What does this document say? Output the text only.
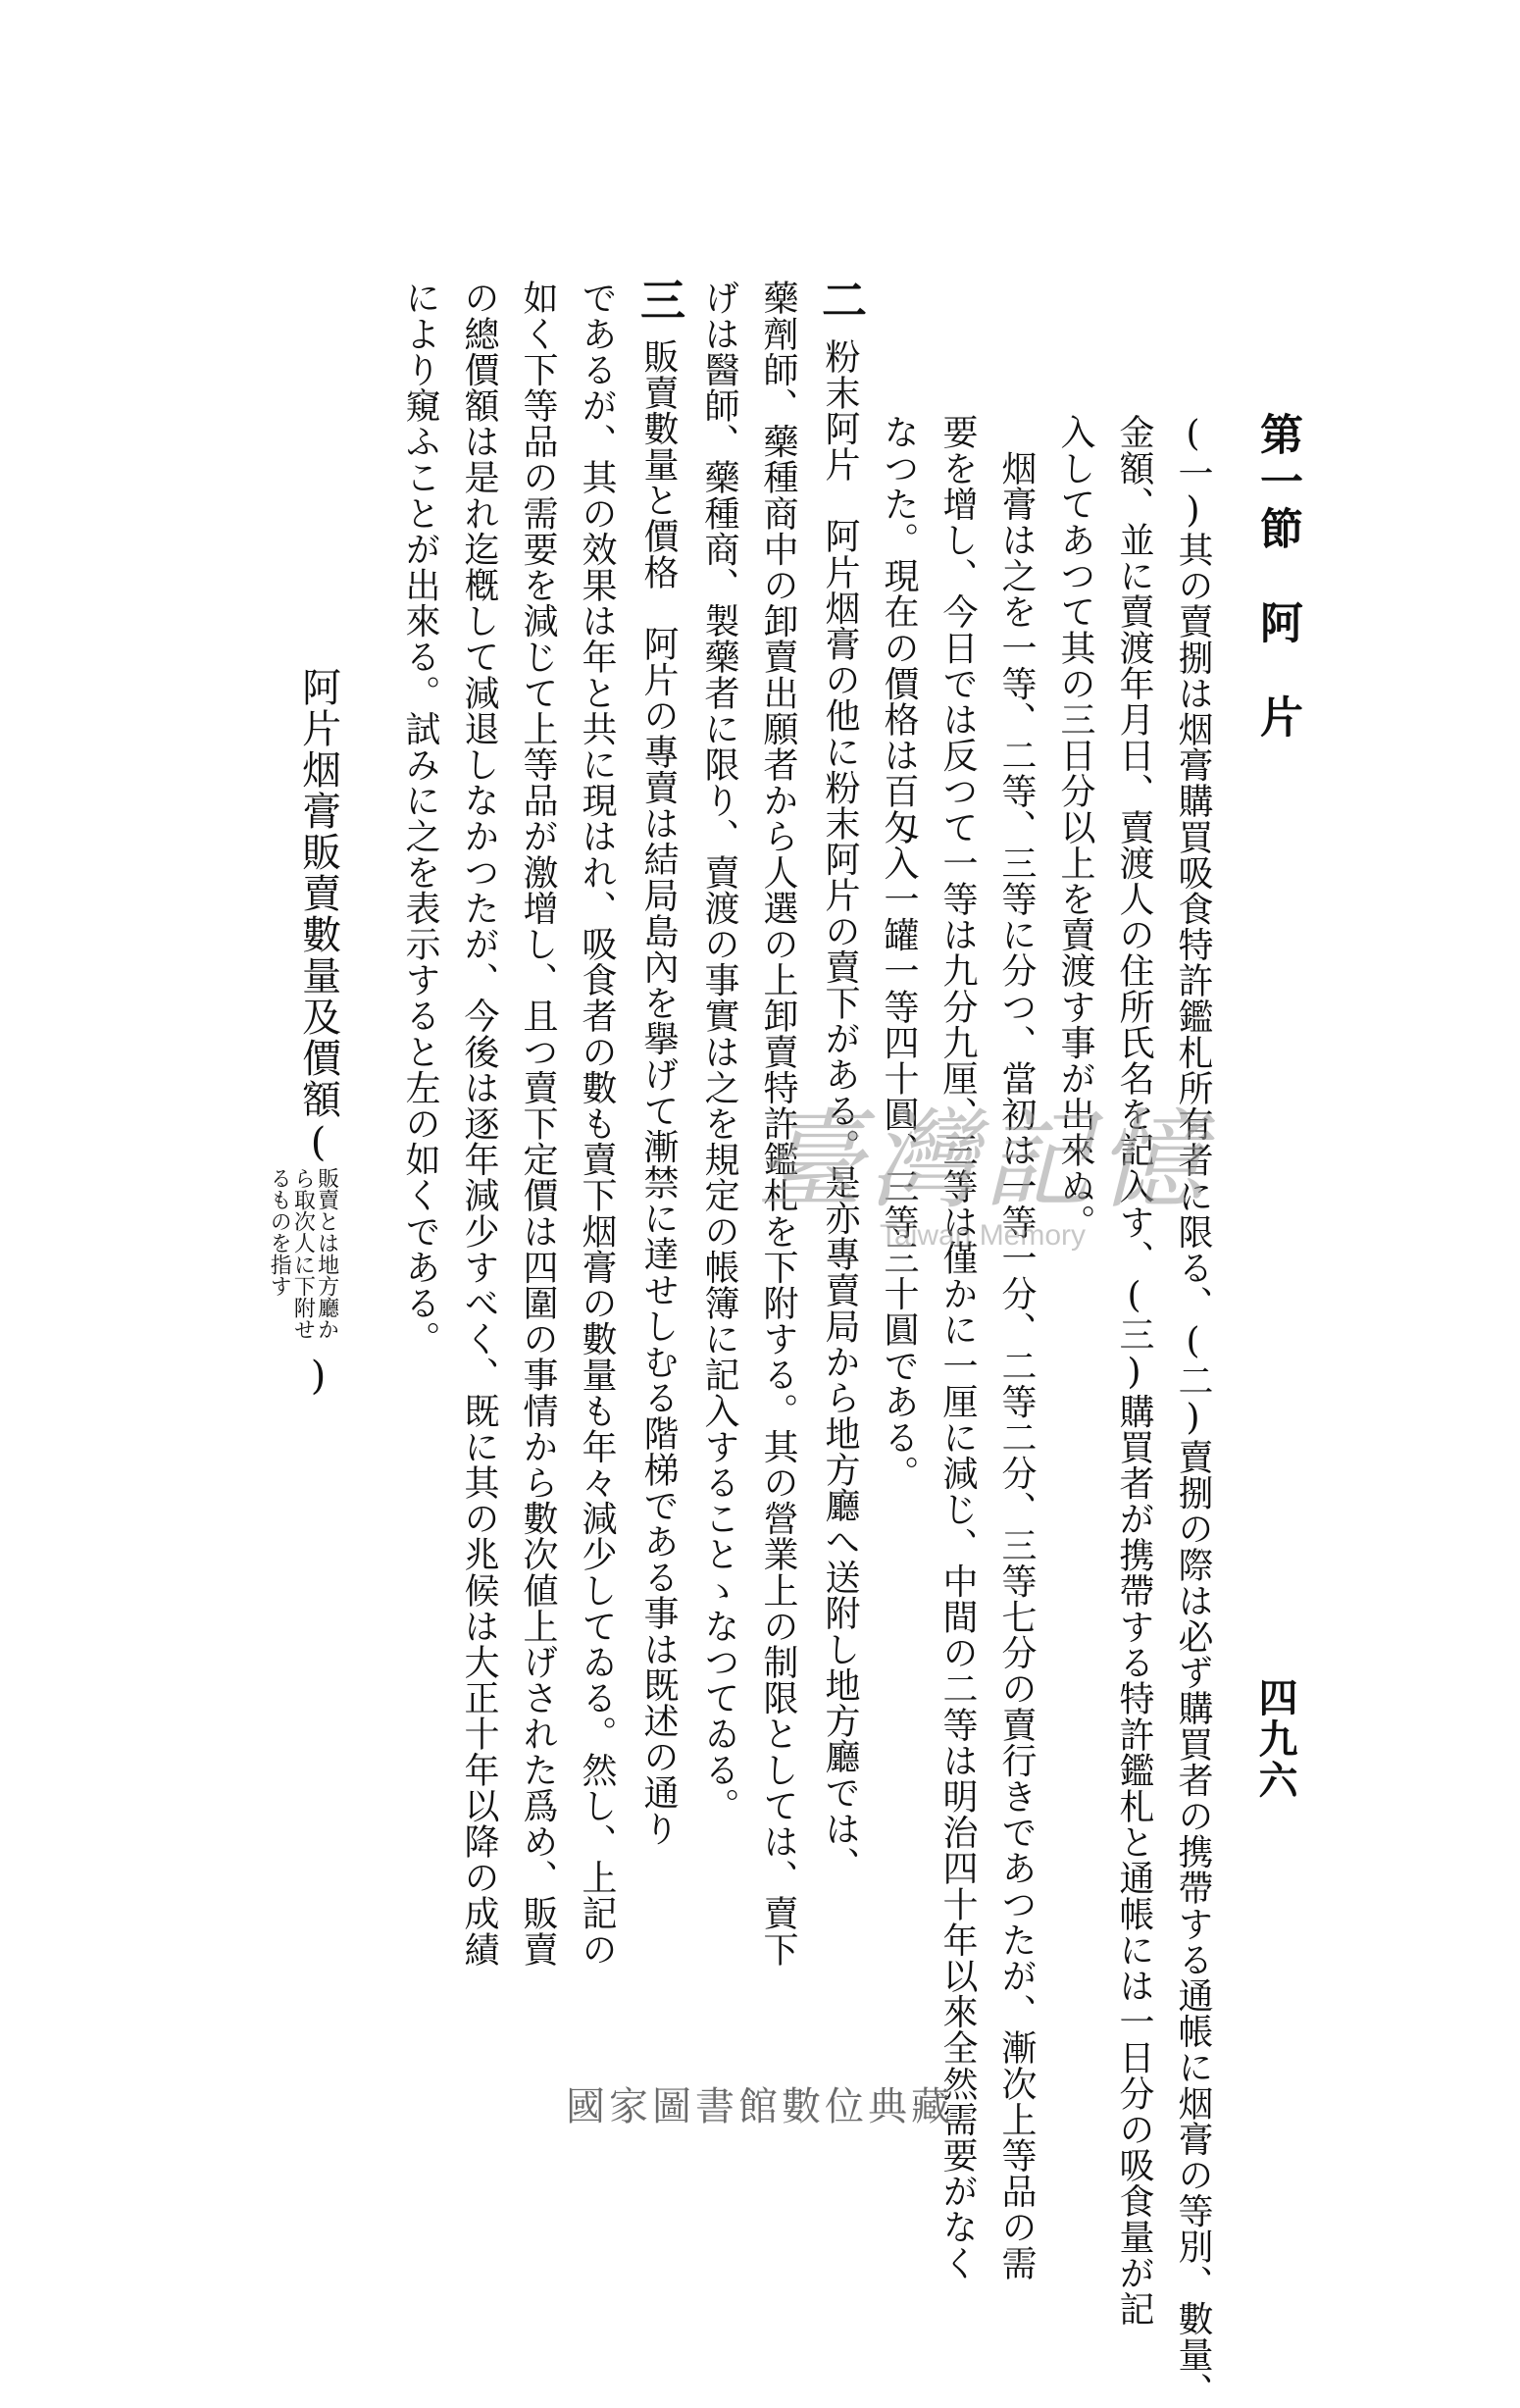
第一節　阿　片
四九六
(一)其の賣捌は烟膏購買吸食特許鑑札所有者に限る、(二)賣捌の際は必ず購買者の携帶する通帳に烟膏の等別、數量、
金額、並に賣渡年月日、賣渡人の住所氏名を記入す、(三)購買者が携帶する特許鑑札と通帳には一日分の吸食量が記
入してあつて其の三日分以上を賣渡す事が出來ぬ。
　烟膏は之を一等、二等、三等に分つ、當初は一等一分、二等二分、三等七分の賣行きであつたが、漸次上等品の需
要を增し、今日では反つて一等は九分九厘、三等は僅かに一厘に減じ、中間の二等は明治四十年以來全然需要がなく
なつた。現在の價格は百匁入一罐一等四十圓、三等三十圓である。
二
粉末阿片　阿片烟膏の他に粉末阿片の賣下がある。是亦專賣局から地方廳へ送附し地方廳では、
藥劑師、藥種商中の卸賣出願者から人選の上卸賣特許鑑札を下附する。其の營業上の制限としては、賣下
げは醫師、藥種商、製藥者に限り、賣渡の事實は之を規定の帳簿に記入することゝなつてゐる。
三
販賣數量と價格　阿片の專賣は結局島內を擧げて漸禁に達せしむる階梯である事は既述の通り
であるが、其の效果は年と共に現はれ、吸食者の數も賣下烟膏の數量も年々減少してゐる。然し、上記の
如く下等品の需要を減じて上等品が激增し、且つ賣下定價は四圍の事情から數次値上げされた爲め、販賣
の總價額は是れ迄槪して減退しなかつたが、今後は逐年減少すべく、既に其の兆候は大正十年以降の成績
により窺ふことが出來る。試みに之を表示すると左の如くである。
阿片烟膏販賣數量及價額(販賣とは地方廳から取次人に下附せるものを指す)
臺灣記憶
Taiwan Memory
國家圖書館數位典藏
